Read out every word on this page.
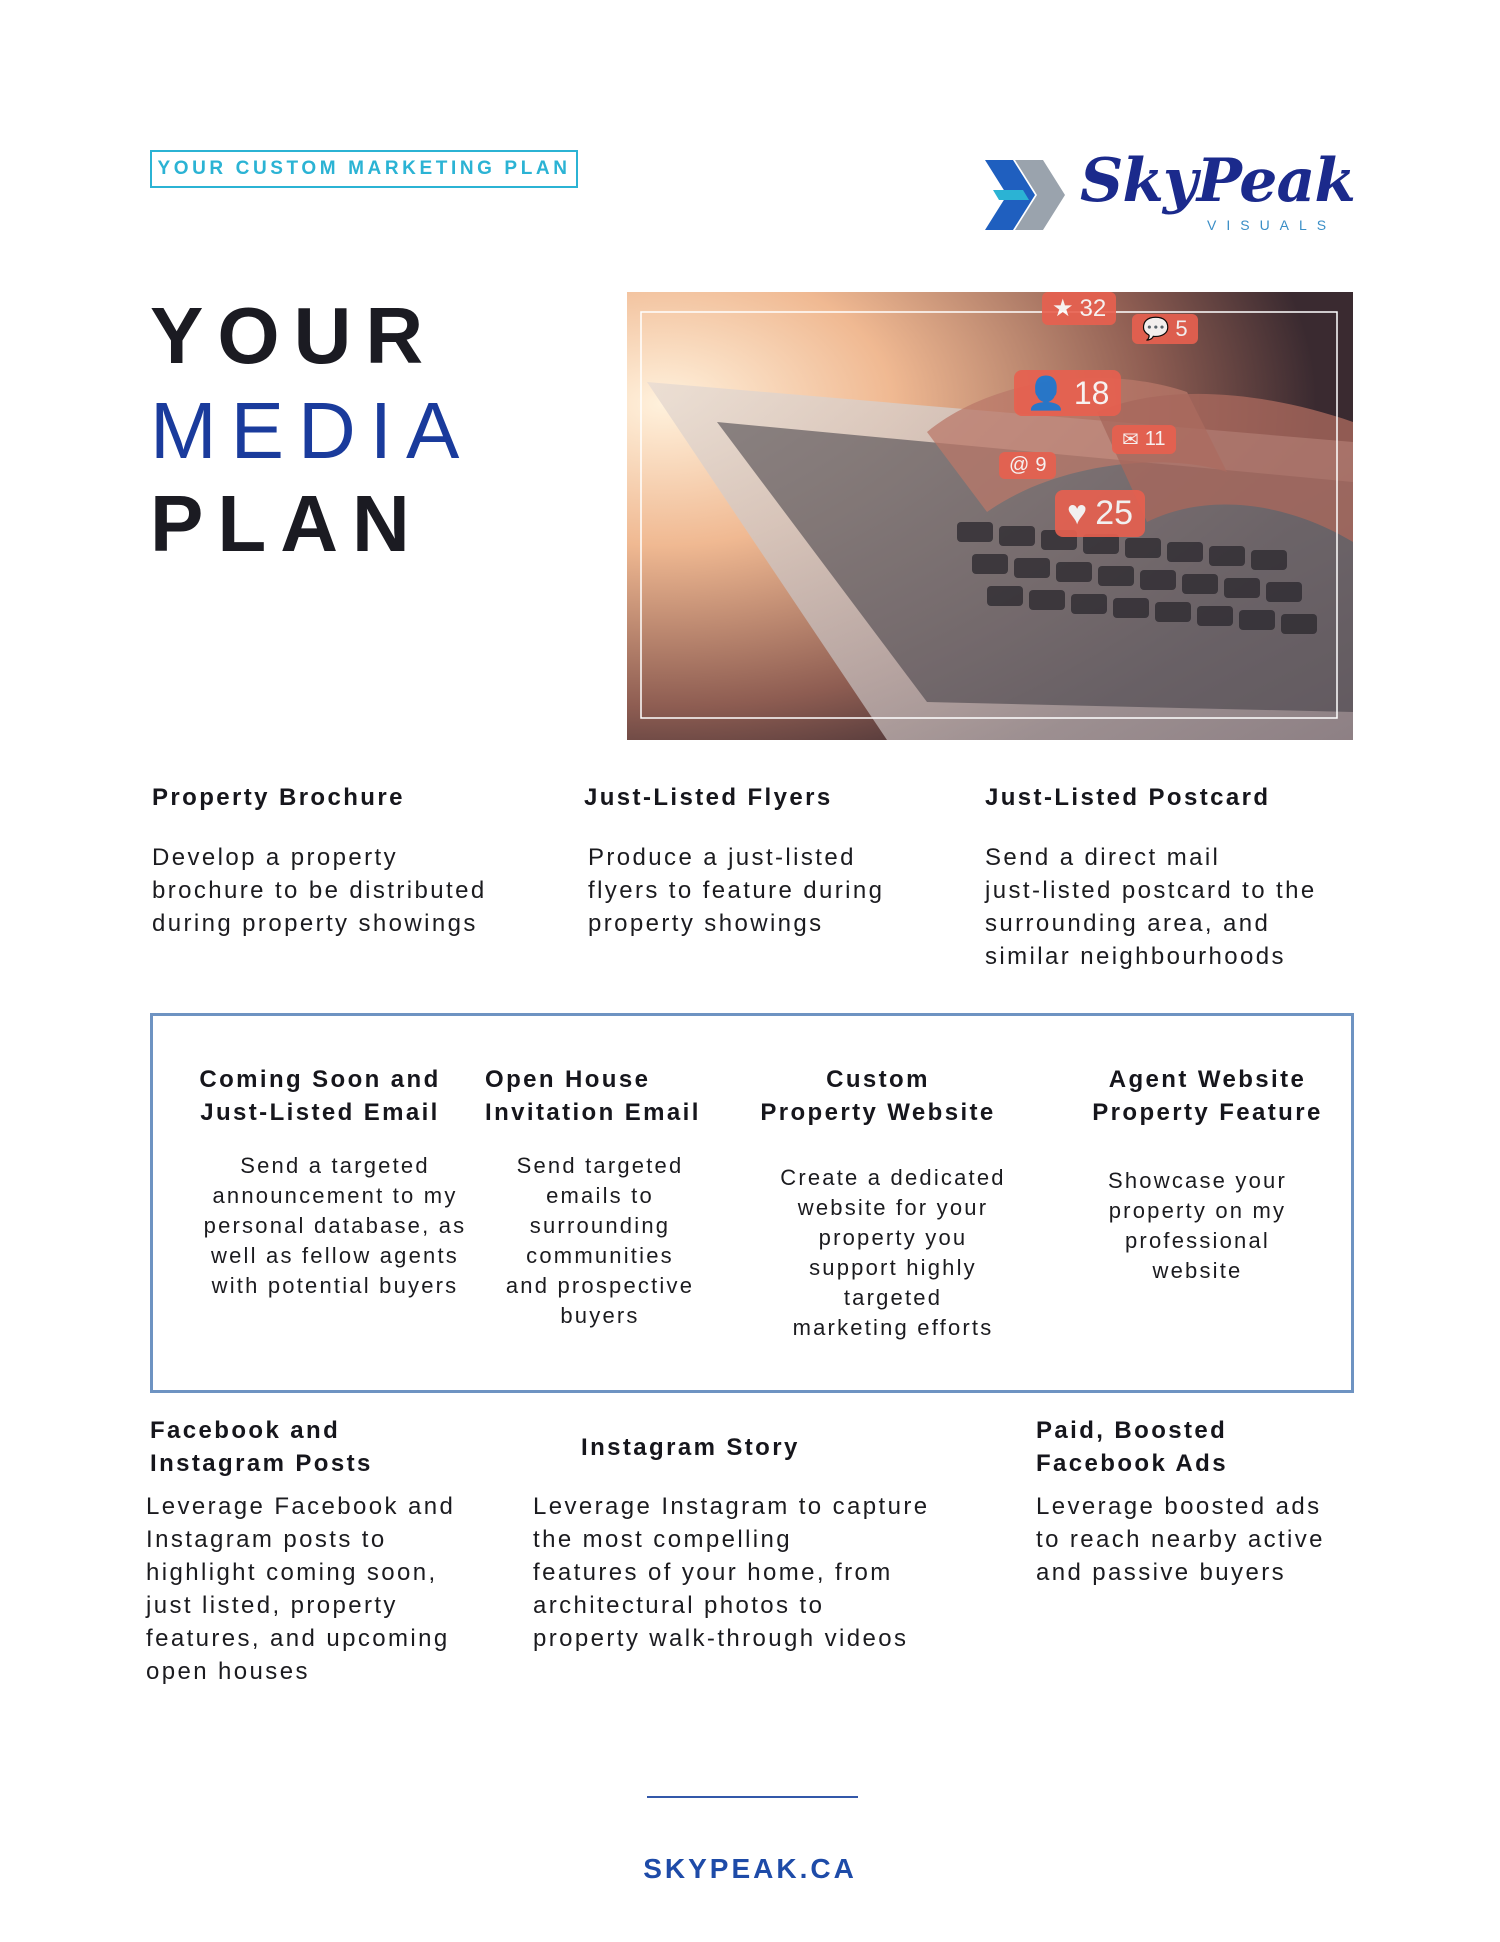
YOUR CUSTOM MARKETING PLAN	SkyPeak
VISUALS
YOUR
MEDIA
PLAN
★ 32
💬 5
👤 18
✉ 11
@ 9
♥ 25
Property Brochure
Develop a property
brochure to be distributed
during property showings
Just-Listed Flyers
Produce a just-listed
flyers to feature during
property showings
Just-Listed Postcard
Send a direct mail
just-listed postcard to the
surrounding area, and
similar neighbourhoods
Coming Soon and
Just-Listed Email
Send a targeted
announcement to my
personal database, as
well as fellow agents
with potential buyers
Open House
Invitation Email
Send targeted
emails to
surrounding
communities
and prospective
buyers
Custom
Property Website
Create a dedicated
website for your
property you
support highly
targeted
marketing efforts
Agent Website
Property Feature
Showcase your
property on my
professional
website
Facebook and
Instagram Posts
Leverage Facebook and
Instagram posts to
highlight coming soon,
just listed, property
features, and upcoming
open houses
Instagram Story
Leverage Instagram to capture
the most compelling
features of your home, from
architectural photos to
property walk-through videos
Paid, Boosted
Facebook Ads
Leverage boosted ads
to reach nearby active
and passive buyers
SKYPEAK.CA
